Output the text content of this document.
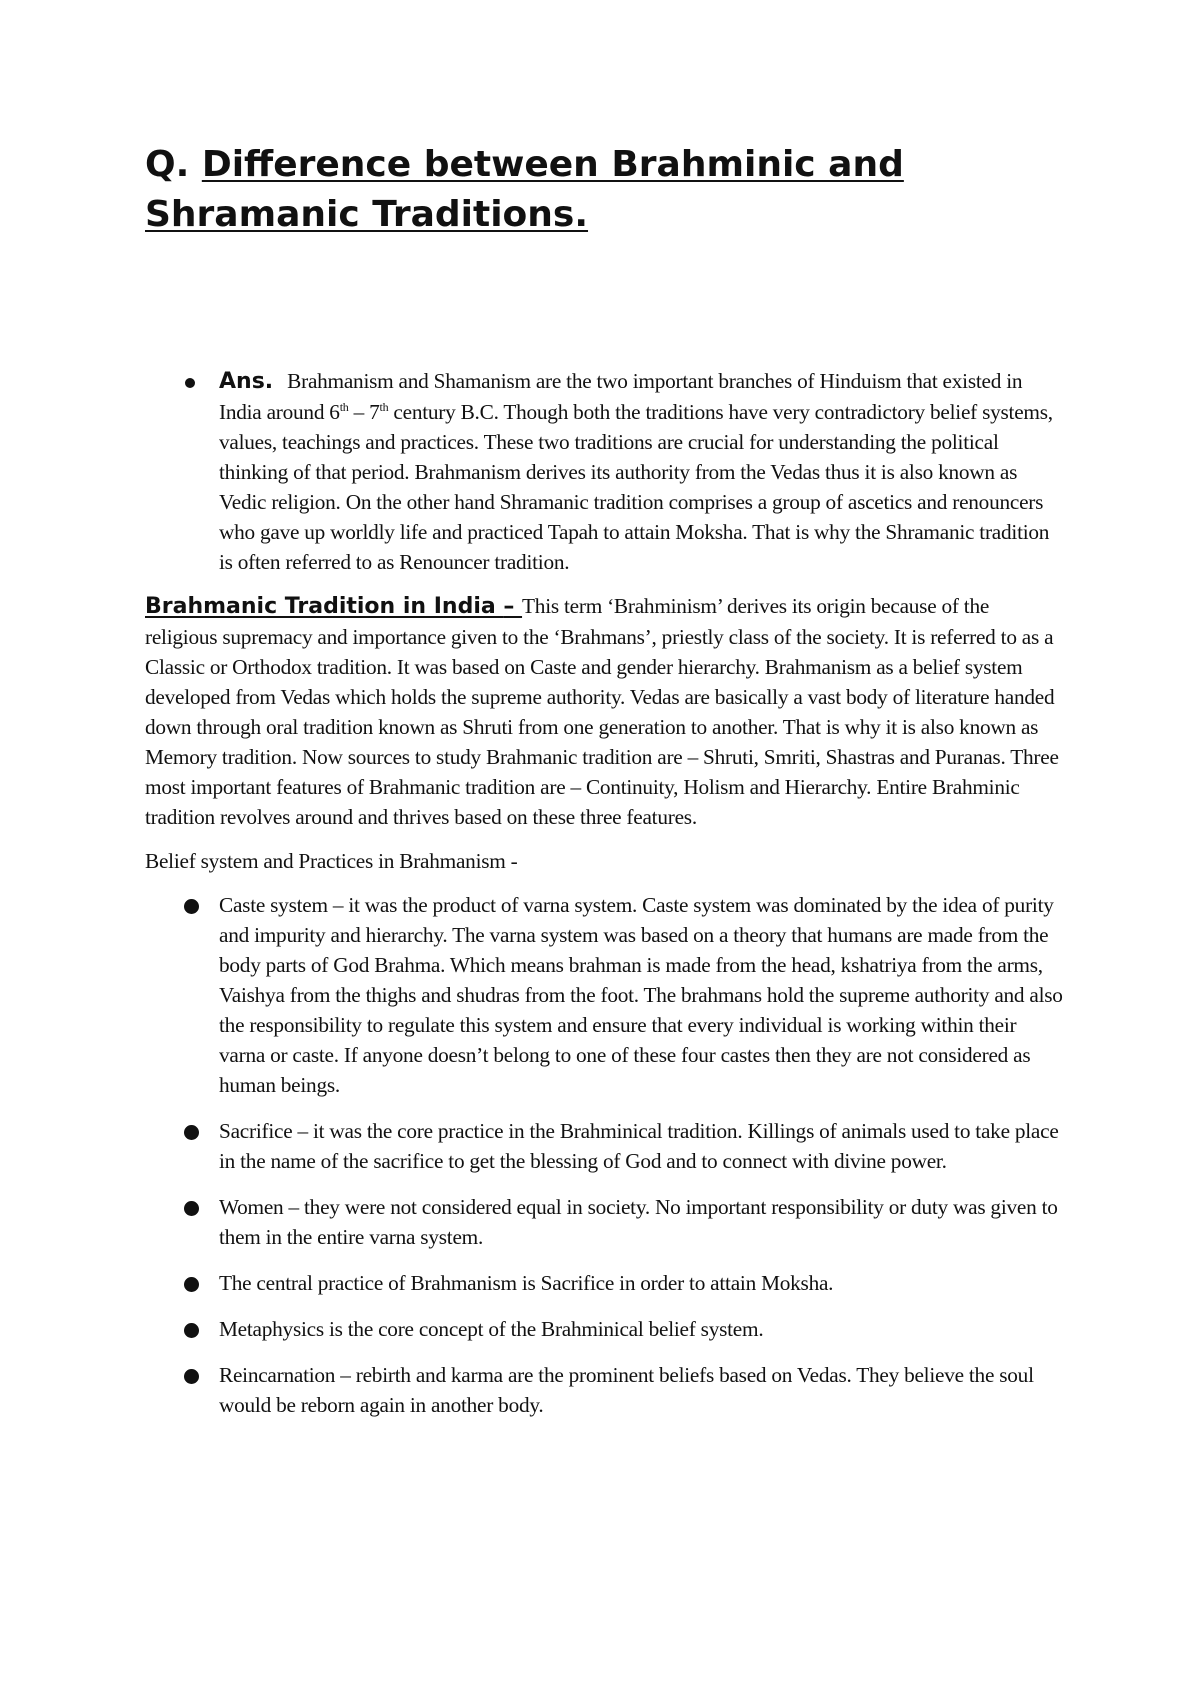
Q. Difference between Brahminic and
Shramanic Traditions.
Ans. Brahmanism and Shamanism are the two important branches of Hinduism that existed in India around 6th – 7th century B.C. Though both the traditions have very contradictory belief systems, values, teachings and practices. These two traditions are crucial for understanding the political thinking of that period. Brahmanism derives its authority from the Vedas thus it is also known as Vedic religion. On the other hand Shramanic tradition comprises a group of ascetics and renouncers who gave up worldly life and practiced Tapah to attain Moksha. That is why the Shramanic tradition is often referred to as Renouncer tradition.
Brahmanic Tradition in India – This term ‘Brahminism’ derives its origin because of the religious supremacy and importance given to the ‘Brahmans’, priestly class of the society. It is referred to as a Classic or Orthodox tradition. It was based on Caste and gender hierarchy. Brahmanism as a belief system developed from Vedas which holds the supreme authority. Vedas are basically a vast body of literature handed down through oral tradition known as Shruti from one generation to another. That is why it is also known as Memory tradition. Now sources to study Brahmanic tradition are – Shruti, Smriti, Shastras and Puranas. Three most important features of Brahmanic tradition are – Continuity, Holism and Hierarchy. Entire Brahminic tradition revolves around and thrives based on these three features.
Belief system and Practices in Brahmanism -
Caste system – it was the product of varna system. Caste system was dominated by the idea of purity and impurity and hierarchy. The varna system was based on a theory that humans are made from the body parts of God Brahma. Which means brahman is made from the head, kshatriya from the arms, Vaishya from the thighs and shudras from the foot. The brahmans hold the supreme authority and also the responsibility to regulate this system and ensure that every individual is working within their varna or caste. If anyone doesn’t belong to one of these four castes then they are not considered as human beings.
Sacrifice – it was the core practice in the Brahminical tradition. Killings of animals used to take place in the name of the sacrifice to get the blessing of God and to connect with divine power.
Women – they were not considered equal in society. No important responsibility or duty was given to them in the entire varna system.
The central practice of Brahmanism is Sacrifice in order to attain Moksha.
Metaphysics is the core concept of the Brahminical belief system.
Reincarnation – rebirth and karma are the prominent beliefs based on Vedas. They believe the soul would be reborn again in another body.
